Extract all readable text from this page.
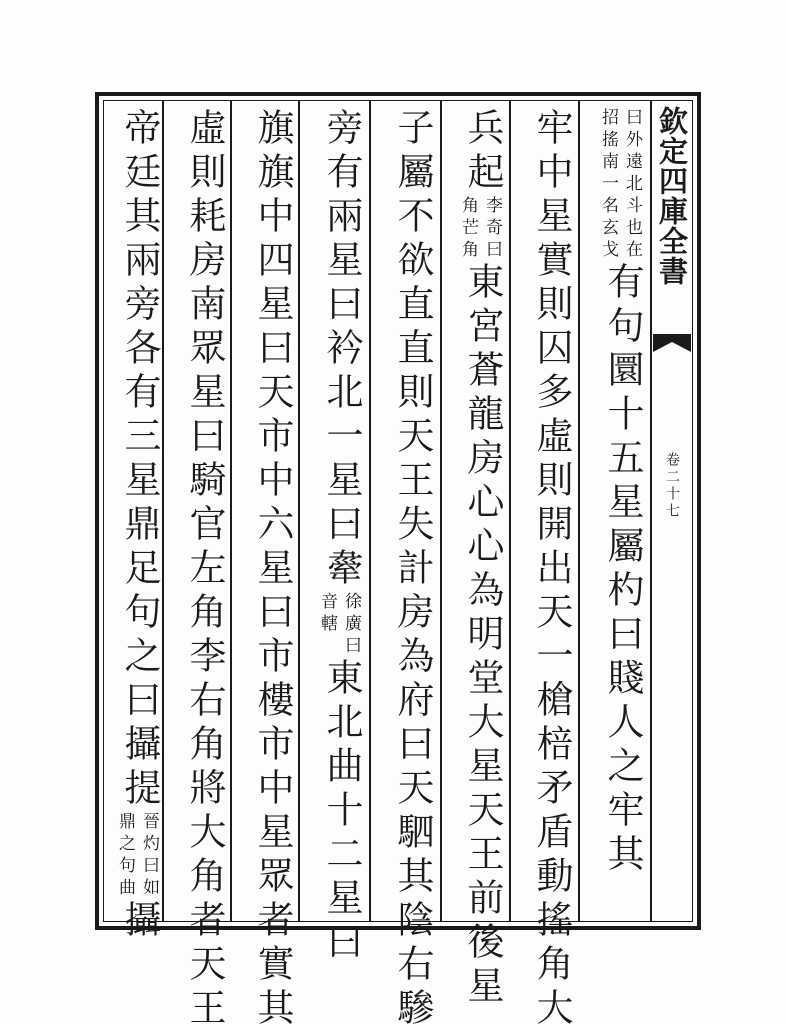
欽定四庫全書
卷二十七
曰外遠北斗也在
招搖南一名玄戈
有句圜十五星屬杓曰賤人之牢其
牢中星實則囚多虛則開出天一槍棓矛盾動搖角大
兵起
李奇曰
角芒角
東宮蒼龍房心心為明堂大星天王前後星
子屬不欲直直則天王失計房為府曰天駟其陰右驂
旁有兩星曰衿北一星曰舝
徐廣曰
音轄
東北曲十二星曰
旗旗中四星曰天市中六星曰市樓市中星眾者實其
虛則耗房南眾星曰騎官左角李右角將大角者天王
帝廷其兩旁各有三星鼎足句之曰攝提
晉灼曰如
鼎之句曲
攝
